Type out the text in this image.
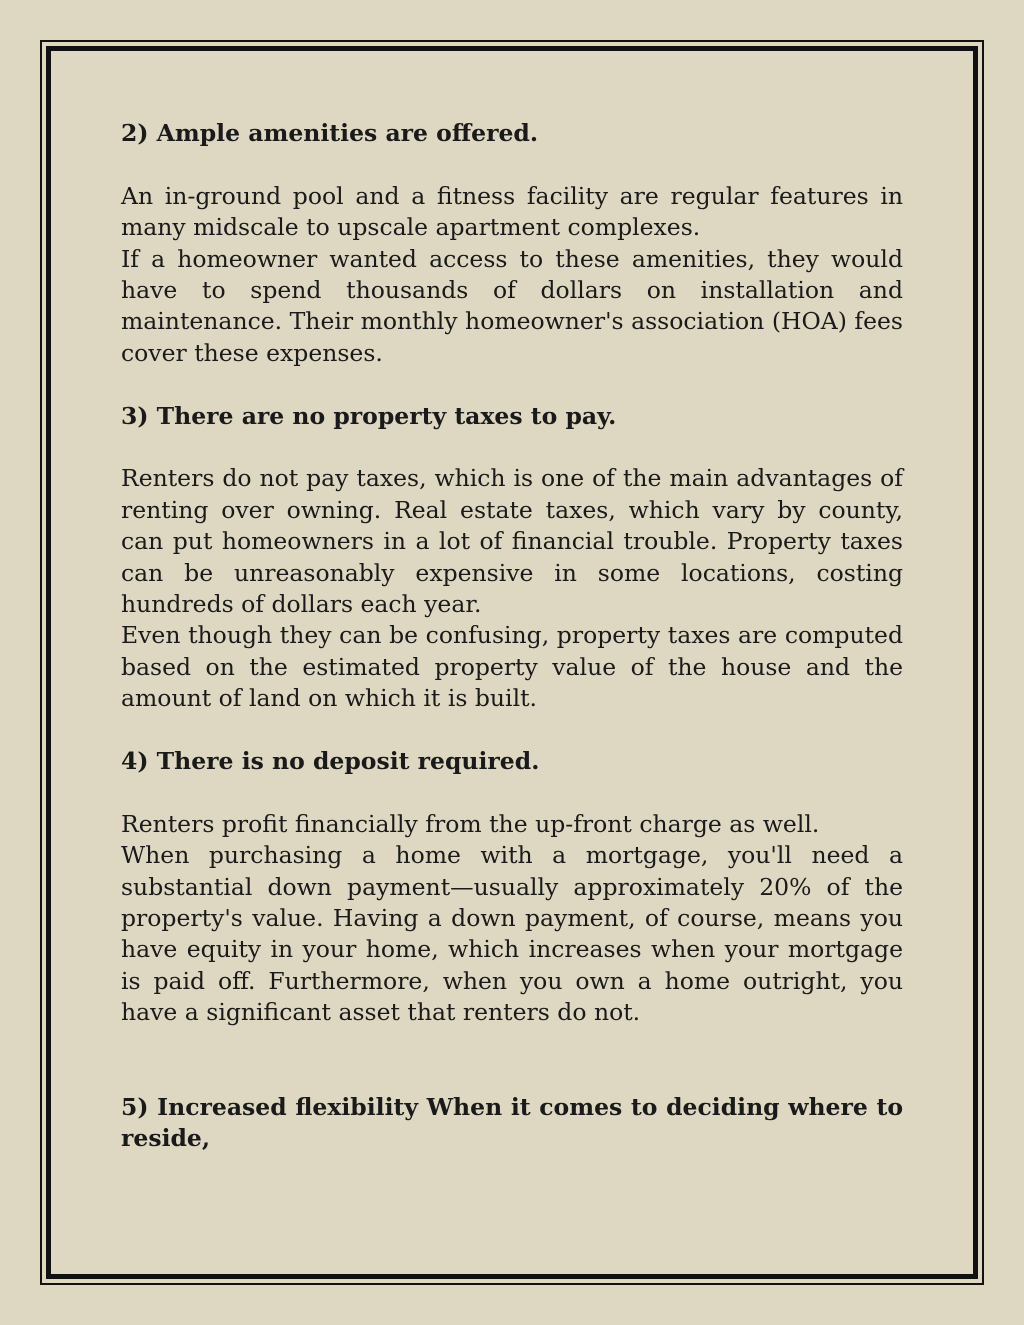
2) Ample amenities are offered.

An in-ground pool and a fitness facility are regular features in many midscale to upscale apartment complexes.

If a homeowner wanted access to these amenities, they would have to spend thousands of dollars on installation and maintenance. Their monthly homeowner's association (HOA) fees cover these expenses.

3) There are no property taxes to pay.

Renters do not pay taxes, which is one of the main advantages of renting over owning. Real estate taxes, which vary by county, can put homeowners in a lot of financial trouble. Property taxes can be unreasonably expensive in some locations, costing hundreds of dollars each year.

Even though they can be confusing, property taxes are computed based on the estimated property value of the house and the amount of land on which it is built.

4) There is no deposit required.

Renters profit financially from the up-front charge as well.

When purchasing a home with a mortgage, you'll need a substantial down payment—usually approximately 20% of the property's value. Having a down payment, of course, means you have equity in your home, which increases when your mortgage is paid off. Furthermore, when you own a home outright, you have a significant asset that renters do not.

5) Increased flexibility When it comes to deciding where to reside,
